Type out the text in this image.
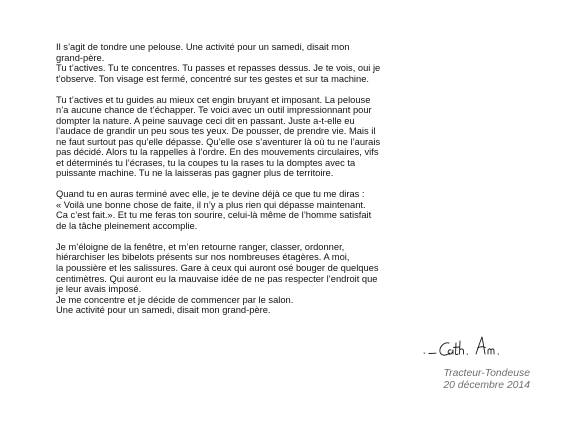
Il s’agit de tondre une pelouse. Une activité pour un samedi, disait mon
grand-père.
Tu t’actives. Tu te concentres. Tu passes et repasses dessus. Je te vois, oui je
t’observe. Ton visage est fermé, concentré sur tes gestes et sur ta machine.

Tu t’actives et tu guides au mieux cet engin bruyant et imposant. La pelouse
n’a aucune chance de t’échapper. Te voici avec un outil impressionnant pour
dompter la nature. A peine sauvage ceci dit en passant. Juste a-t-elle eu
l’audace de grandir un peu sous tes yeux. De pousser, de prendre vie. Mais il
ne faut surtout pas qu’elle dépasse. Qu’elle ose s’aventurer là où tu ne l’aurais
pas décidé. Alors tu la rappelles à l’ordre. En des mouvements circulaires, vifs
et déterminés tu l’écrases, tu la coupes tu la rases tu la domptes avec ta
puissante machine. Tu ne la laisseras pas gagner plus de territoire.

Quand tu en auras terminé avec elle, je te devine déjà ce que tu me diras :
« Voilà une bonne chose de faite, il n’y a plus rien qui dépasse maintenant.
Ca c’est fait.». Et tu me feras ton sourire, celui-là même de l’homme satisfait
de la tâche pleinement accomplie.

Je m’éloigne de la fenêtre, et m’en retourne ranger, classer, ordonner,
hiérarchiser les bibelots présents sur nos nombreuses étagères. A moi,
la poussière et les salissures. Gare à ceux qui auront osé bouger de quelques
centimètres. Qui auront eu la mauvaise idée de ne pas respecter l’endroit que
je leur avais imposé.
Je me concentre et je décide de commencer par le salon.
Une activité pour un samedi, disait mon grand-père.

Tracteur-Tondeuse
20 décembre 2014
